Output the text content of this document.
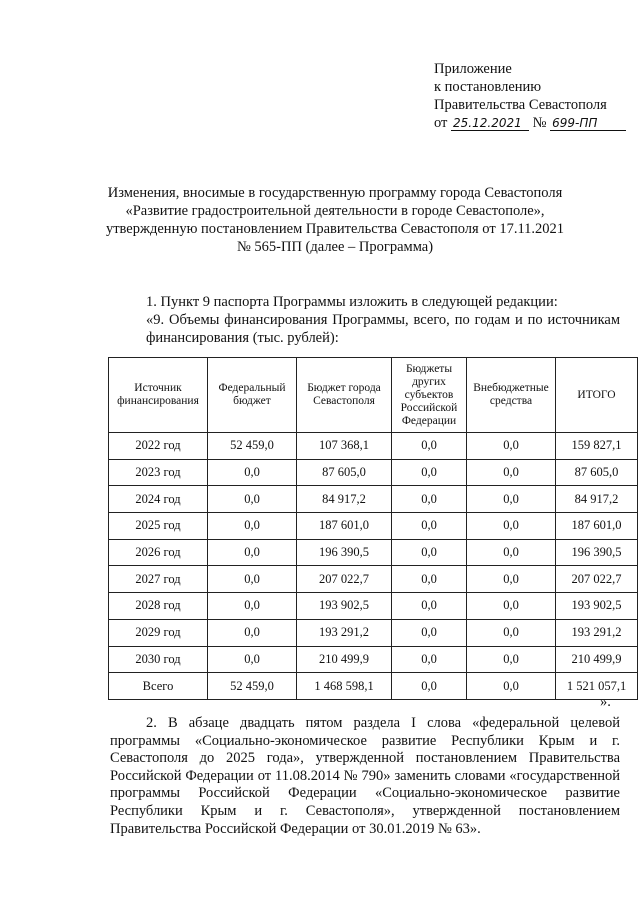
Приложение
к постановлению
Правительства Севастополя
от 25.12.2021 № 699-ПП
Изменения, вносимые в государственную программу города Севастополя «Развитие градостроительной деятельности в городе Севастополе», утвержденную постановлением Правительства Севастополя от 17.11.2021 № 565-ПП (далее – Программа)
1. Пункт 9 паспорта Программы изложить в следующей редакции:
«9. Объемы финансирования Программы, всего, по годам и по источникам финансирования (тыс. рублей):
Источник финансирования	Федеральный бюджет	Бюджет города Севастополя	Бюджеты других субъектов Российской Федерации	Внебюджетные средства	ИТОГО
2022 год	52 459,0	107 368,1	0,0	0,0	159 827,1
2023 год	0,0	87 605,0	0,0	0,0	87 605,0
2024 год	0,0	84 917,2	0,0	0,0	84 917,2
2025 год	0,0	187 601,0	0,0	0,0	187 601,0
2026 год	0,0	196 390,5	0,0	0,0	196 390,5
2027 год	0,0	207 022,7	0,0	0,0	207 022,7
2028 год	0,0	193 902,5	0,0	0,0	193 902,5
2029 год	0,0	193 291,2	0,0	0,0	193 291,2
2030 год	0,0	210 499,9	0,0	0,0	210 499,9
Всего	52 459,0	1 468 598,1	0,0	0,0	1 521 057,1
».
2. В абзаце двадцать пятом раздела I слова «федеральной целевой программы «Социально-экономическое развитие Республики Крым и г. Севастополя до 2025 года», утвержденной постановлением Правительства Российской Федерации от 11.08.2014 № 790» заменить словами «государственной программы Российской Федерации «Социально-экономическое развитие Республики Крым и г. Севастополя», утвержденной постановлением Правительства Российской Федерации от 30.01.2019 № 63».
